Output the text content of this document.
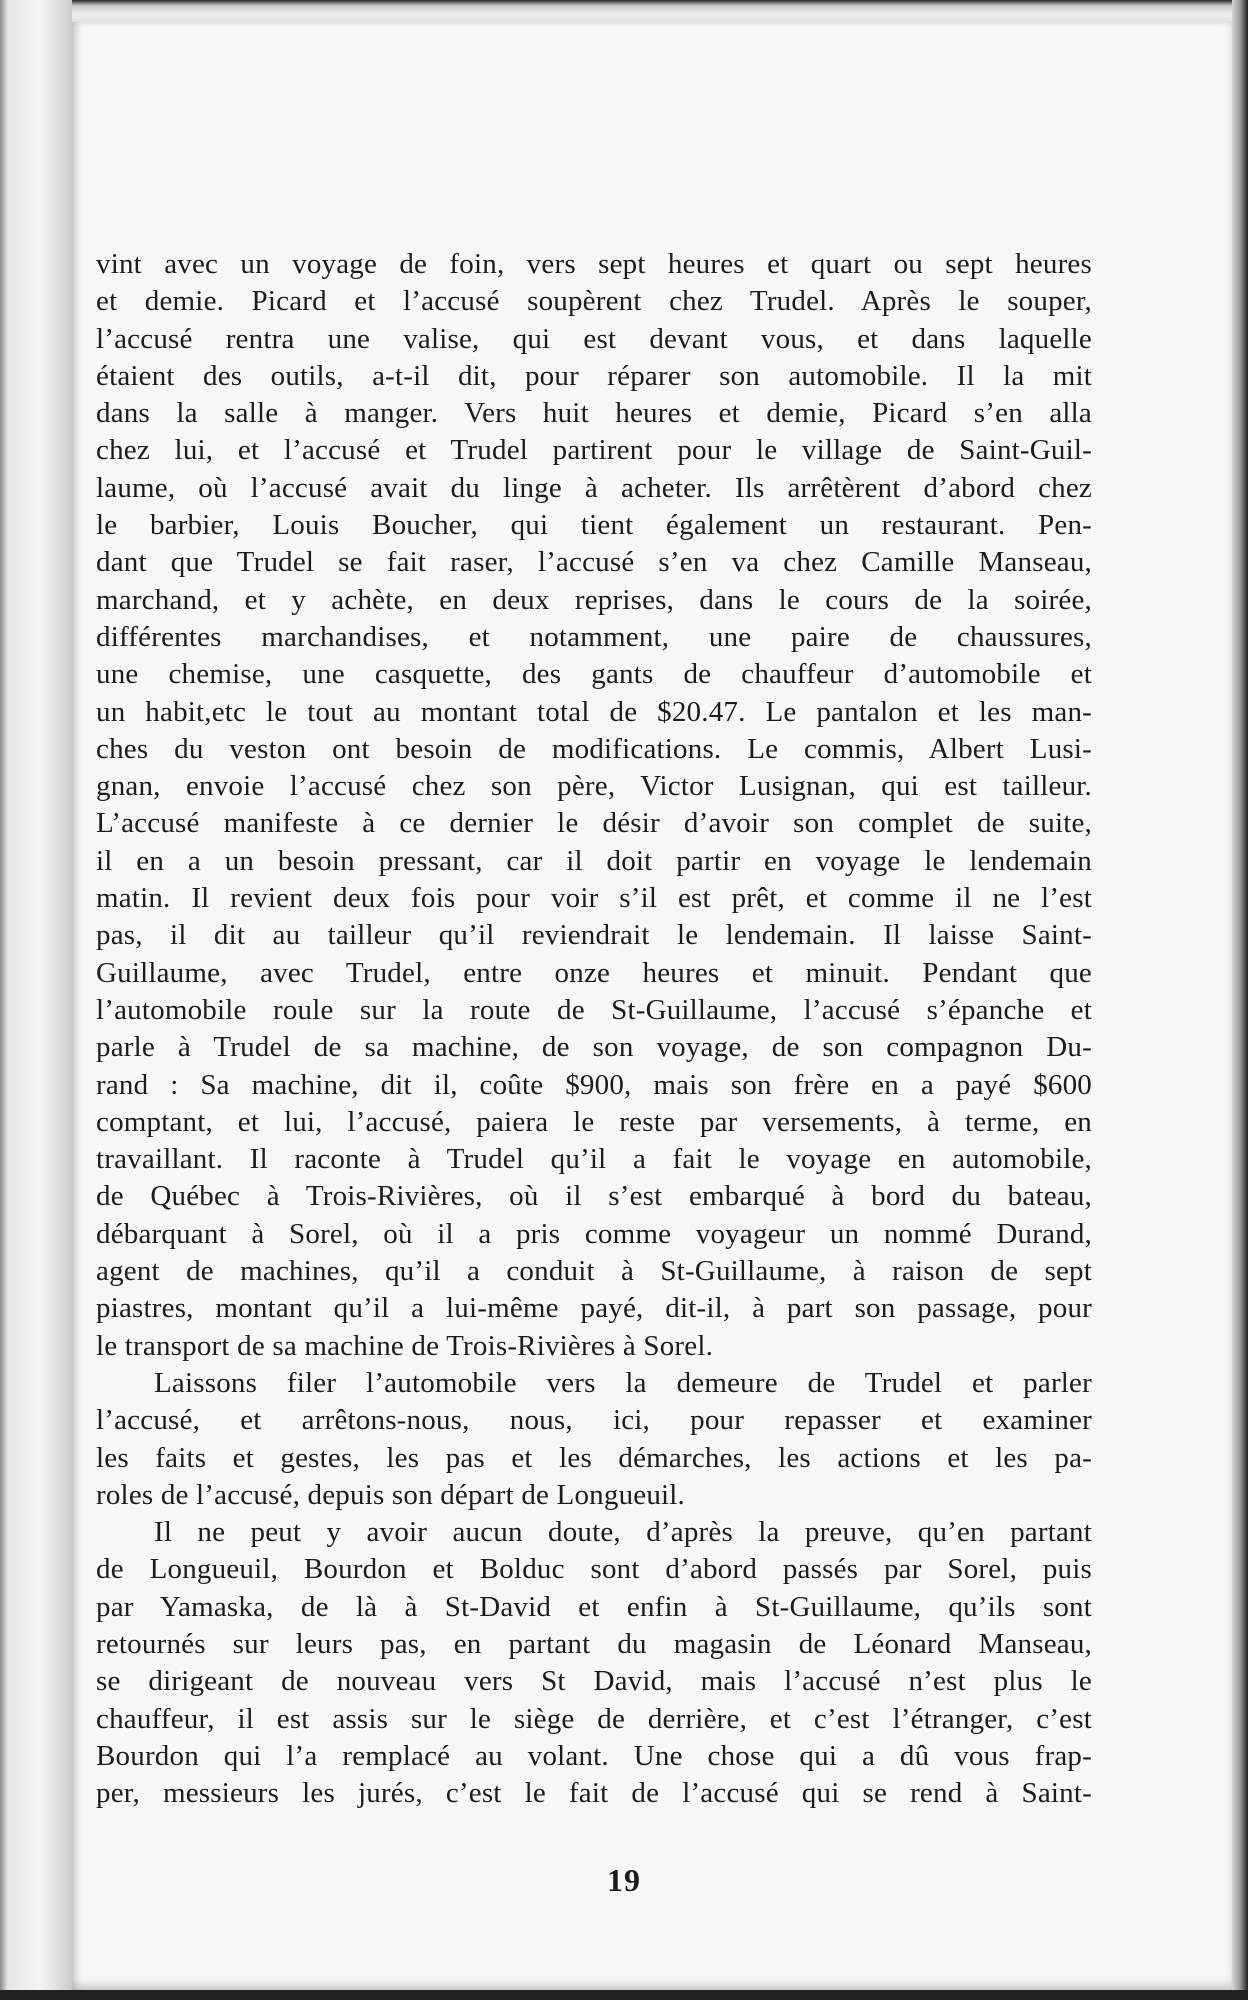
vint avec un voyage de foin, vers sept heures et quart ou sept heures
et demie. Picard et l’accusé soupèrent chez Trudel. Après le souper,
l’accusé rentra une valise, qui est devant vous, et dans laquelle
étaient des outils, a-t-il dit, pour réparer son automobile. Il la mit
dans la salle à manger. Vers huit heures et demie, Picard s’en alla
chez lui, et l’accusé et Trudel partirent pour le village de Saint-Guil-
laume, où l’accusé avait du linge à acheter. Ils arrêtèrent d’abord chez
le barbier, Louis Boucher, qui tient également un restaurant. Pen-
dant que Trudel se fait raser, l’accusé s’en va chez Camille Manseau,
marchand, et y achète, en deux reprises, dans le cours de la soirée,
différentes marchandises, et notamment, une paire de chaussures,
une chemise, une casquette, des gants de chauffeur d’automobile et
un habit,etc le tout au montant total de $20.47. Le pantalon et les man-
ches du veston ont besoin de modifications. Le commis, Albert Lusi-
gnan, envoie l’accusé chez son père, Victor Lusignan, qui est tailleur.
L’accusé manifeste à ce dernier le désir d’avoir son complet de suite,
il en a un besoin pressant, car il doit partir en voyage le lendemain
matin. Il revient deux fois pour voir s’il est prêt, et comme il ne l’est
pas, il dit au tailleur qu’il reviendrait le lendemain. Il laisse Saint-
Guillaume, avec Trudel, entre onze heures et minuit. Pendant que
l’automobile roule sur la route de St-Guillaume, l’accusé s’épanche et
parle à Trudel de sa machine, de son voyage, de son compagnon Du-
rand : Sa machine, dit il, coûte $900, mais son frère en a payé $600
comptant, et lui, l’accusé, paiera le reste par versements, à terme, en
travaillant. Il raconte à Trudel qu’il a fait le voyage en automobile,
de Québec à Trois-Rivières, où il s’est embarqué à bord du bateau,
débarquant à Sorel, où il a pris comme voyageur un nommé Durand,
agent de machines, qu’il a conduit à St-Guillaume, à raison de sept
piastres, montant qu’il a lui-même payé, dit-il, à part son passage, pour
le transport de sa machine de Trois-Rivières à Sorel.
Laissons filer l’automobile vers la demeure de Trudel et parler
l’accusé, et arrêtons-nous, nous, ici, pour repasser et examiner
les faits et gestes, les pas et les démarches, les actions et les pa-
roles de l’accusé, depuis son départ de Longueuil.
Il ne peut y avoir aucun doute, d’après la preuve, qu’en partant
de Longueuil, Bourdon et Bolduc sont d’abord passés par Sorel, puis
par Yamaska, de là à St-David et enfin à St-Guillaume, qu’ils sont
retournés sur leurs pas, en partant du magasin de Léonard Manseau,
se dirigeant de nouveau vers St David, mais l’accusé n’est plus le
chauffeur, il est assis sur le siège de derrière, et c’est l’étranger, c’est
Bourdon qui l’a remplacé au volant. Une chose qui a dû vous frap-
per, messieurs les jurés, c’est le fait de l’accusé qui se rend à Saint-
19
